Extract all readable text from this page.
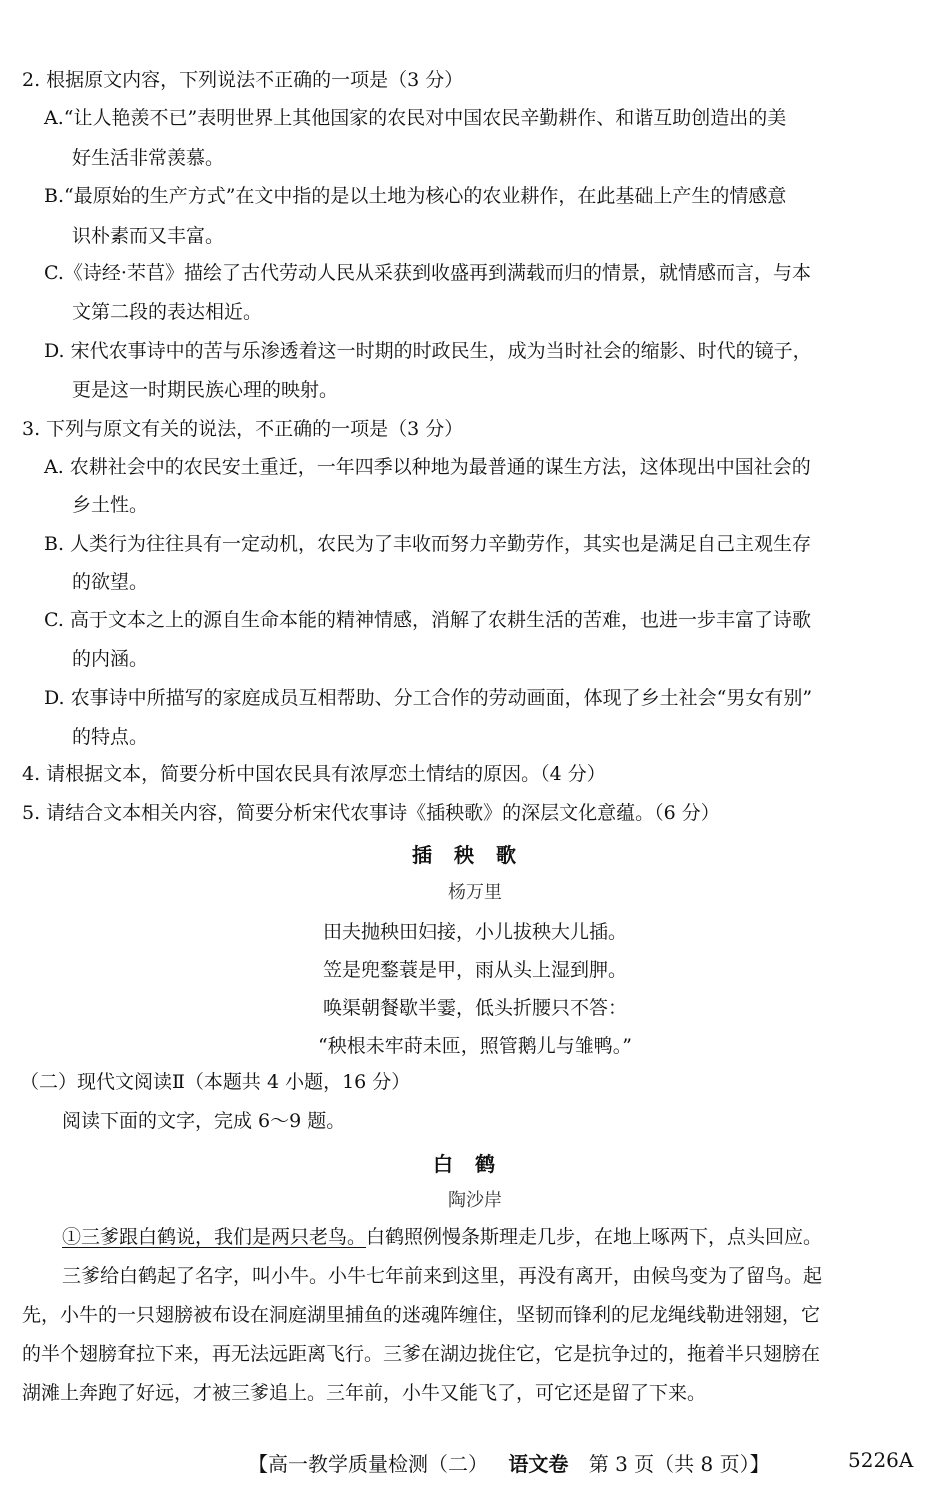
2. 根据原文内容，下列说法不正确的一项是（3 分）
A.“让人艳羡不已”表明世界上其他国家的农民对中国农民辛勤耕作、和谐互助创造出的美
好生活非常羡慕。
B.“最原始的生产方式”在文中指的是以土地为核心的农业耕作，在此基础上产生的情感意
识朴素而又丰富。
C.《诗经·芣苢》描绘了古代劳动人民从采获到收盛再到满载而归的情景，就情感而言，与本
文第二段的表达相近。
D. 宋代农事诗中的苦与乐渗透着这一时期的时政民生，成为当时社会的缩影、时代的镜子，
更是这一时期民族心理的映射。
3. 下列与原文有关的说法，不正确的一项是（3 分）
A. 农耕社会中的农民安土重迁，一年四季以种地为最普通的谋生方法，这体现出中国社会的
乡土性。
B. 人类行为往往具有一定动机，农民为了丰收而努力辛勤劳作，其实也是满足自己主观生存
的欲望。
C. 高于文本之上的源自生命本能的精神情感，消解了农耕生活的苦难，也进一步丰富了诗歌
的内涵。
D. 农事诗中所描写的家庭成员互相帮助、分工合作的劳动画面，体现了乡土社会“男女有别”
的特点。
4. 请根据文本，简要分析中国农民具有浓厚恋土情结的原因。（4 分）
5. 请结合文本相关内容，简要分析宋代农事诗《插秧歌》的深层文化意蕴。（6 分）
插秧歌
杨万里
田夫抛秧田妇接，小儿拔秧大儿插。
笠是兜鍪蓑是甲，雨从头上湿到胛。
唤渠朝餐歇半霎，低头折腰只不答：
“秧根未牢莳未匝，照管鹅儿与雏鸭。”
（二）现代文阅读Ⅱ（本题共 4 小题，16 分）
阅读下面的文字，完成 6～9 题。
白鹤
陶沙岸
①三爹跟白鹤说，我们是两只老鸟。白鹤照例慢条斯理走几步，在地上啄两下，点头回应。
三爹给白鹤起了名字，叫小牛。小牛七年前来到这里，再没有离开，由候鸟变为了留鸟。起
先，小牛的一只翅膀被布设在洞庭湖里捕鱼的迷魂阵缠住，坚韧而锋利的尼龙绳线勒进翎翅，它
的半个翅膀耷拉下来，再无法远距离飞行。三爹在湖边拢住它，它是抗争过的，拖着半只翅膀在
湖滩上奔跑了好远，才被三爹追上。三年前，小牛又能飞了，可它还是留了下来。
【高一教学质量检测（二） 语文卷 第 3 页（共 8 页）】	5226A
